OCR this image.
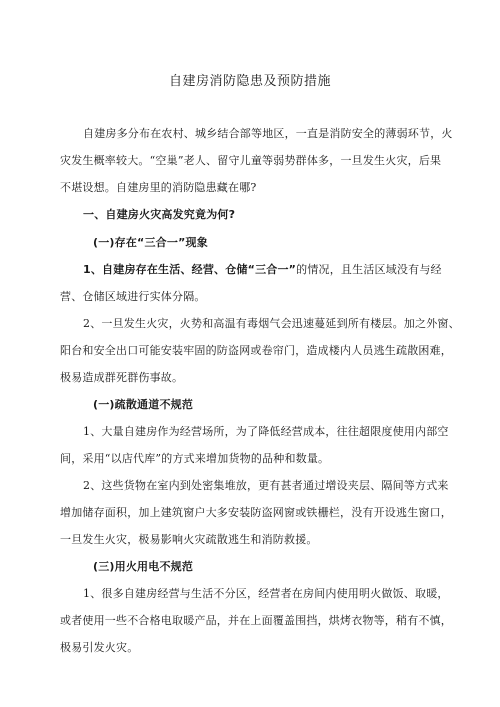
自建房消防隐患及预防措施
自建房多分布在农村、城乡结合部等地区，一直是消防安全的薄弱环节，火
灾发生概率较大。“空巢”老人、留守儿童等弱势群体多，一旦发生火灾，后果
不堪设想。自建房里的消防隐患藏在哪?
一、自建房火灾高发究竟为何?
(一)存在“三合一”现象
1、自建房存在生活、经营、仓储“三合一”的情况，且生活区域没有与经
营、仓储区域进行实体分隔。
2、一旦发生火灾，火势和高温有毒烟气会迅速蔓延到所有楼层。加之外窗、
阳台和安全出口可能安装牢固的防盗网或卷帘门，造成楼内人员逃生疏散困难，
极易造成群死群伤事故。
(一)疏散通道不规范
1、大量自建房作为经营场所，为了降低经营成本，往往超限度使用内部空
间，采用“以店代库”的方式来增加货物的品种和数量。
2、这些货物在室内到处密集堆放，更有甚者通过增设夹层、隔间等方式来
增加储存面积，加上建筑窗户大多安装防盗网窗或铁栅栏，没有开设逃生窗口，
一旦发生火灾，极易影响火灾疏散逃生和消防救援。
(三)用火用电不规范
1、很多自建房经营与生活不分区，经营者在房间内使用明火做饭、取暖，
或者使用一些不合格电取暖产品，并在上面覆盖围挡，烘烤衣物等，稍有不慎，
极易引发火灾。
